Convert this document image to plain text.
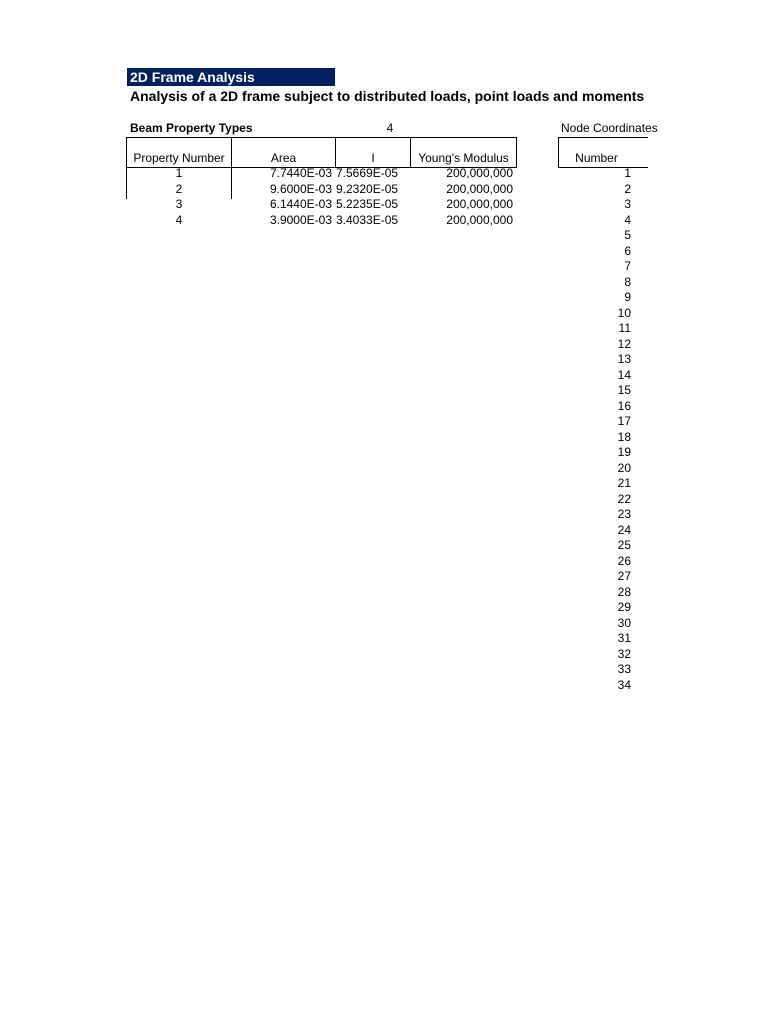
2D Frame Analysis
Analysis of a 2D frame subject to distributed loads, point loads and moments
Beam Property Types	4	Node Coordinates
Property Number	Area	I	Young's Modulus
1	7.7440E-03 7.5669E-05	200,000,000
2	9.6000E-03 9.2320E-05	200,000,000
3	6.1440E-03 5.2235E-05	200,000,000
4	3.9000E-03 3.4033E-05	200,000,000
Number
1
2
3
4
5
6
7
8
9
10
11
12
13
14
15
16
17
18
19
20
21
22
23
24
25
26
27
28
29
30
31
32
33
34
